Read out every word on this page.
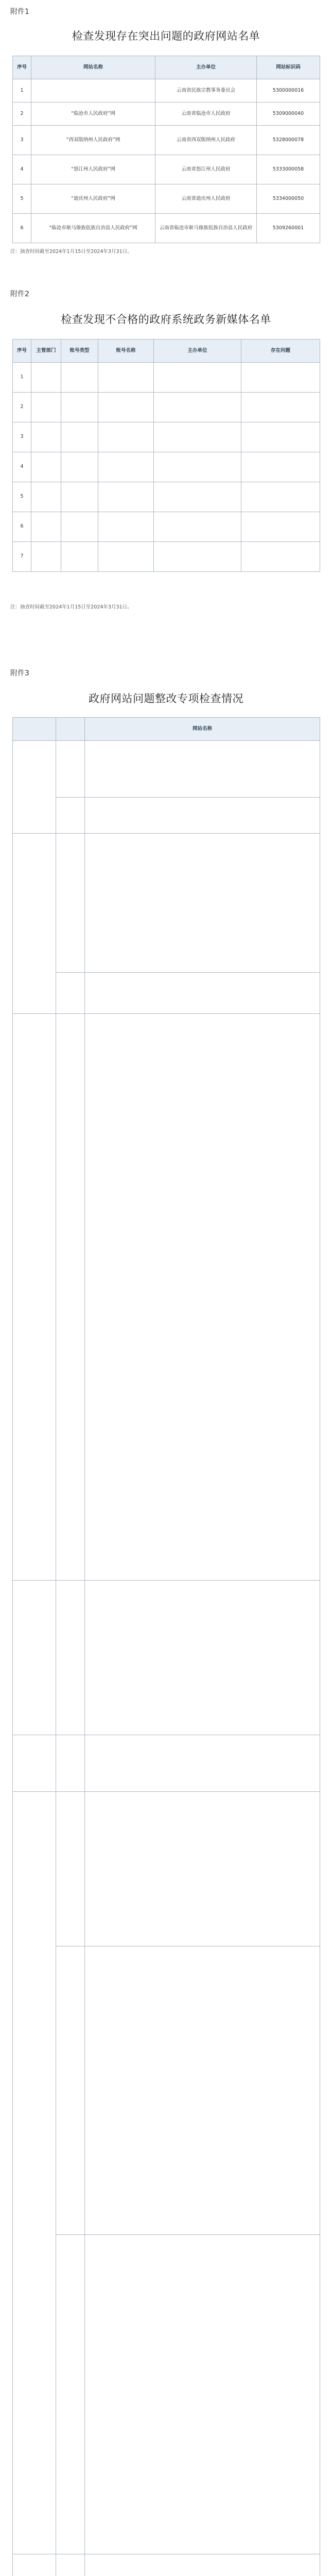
附件1
检查发现存在突出问题的政府网站名单
序号	网站名称	主办单位	网站标识码
1		云南省民族宗教事务委员会	5300000016
2	“临沧市人民政府”网	云南省临沧市人民政府	5309000040
3	“西双版纳州人民政府”网	云南省西双版纳州人民政府	5328000078
4	“怒江州人民政府”网	云南省怒江州人民政府	5333000058
5	“迪庆州人民政府”网	云南省迪庆州人民政府	5334000050
6	“临沧市耿马傣族佤族自治县人民政府”网	云南省临沧市耿马傣族佤族自治县人民政府	5309260001
注：抽查时间截至2024年1月15日至2024年3月31日。
附件2
检查发现不合格的政府系统政务新媒体名单
序号	主管部门	账号类型	账号名称	主办单位	存在问题
1					
2					
3					
4					
5					
6					
7					
注：抽查时间截至2024年1月15日至2024年3月31日。
附件3
政府网站问题整改专项检查情况
		网站名称
